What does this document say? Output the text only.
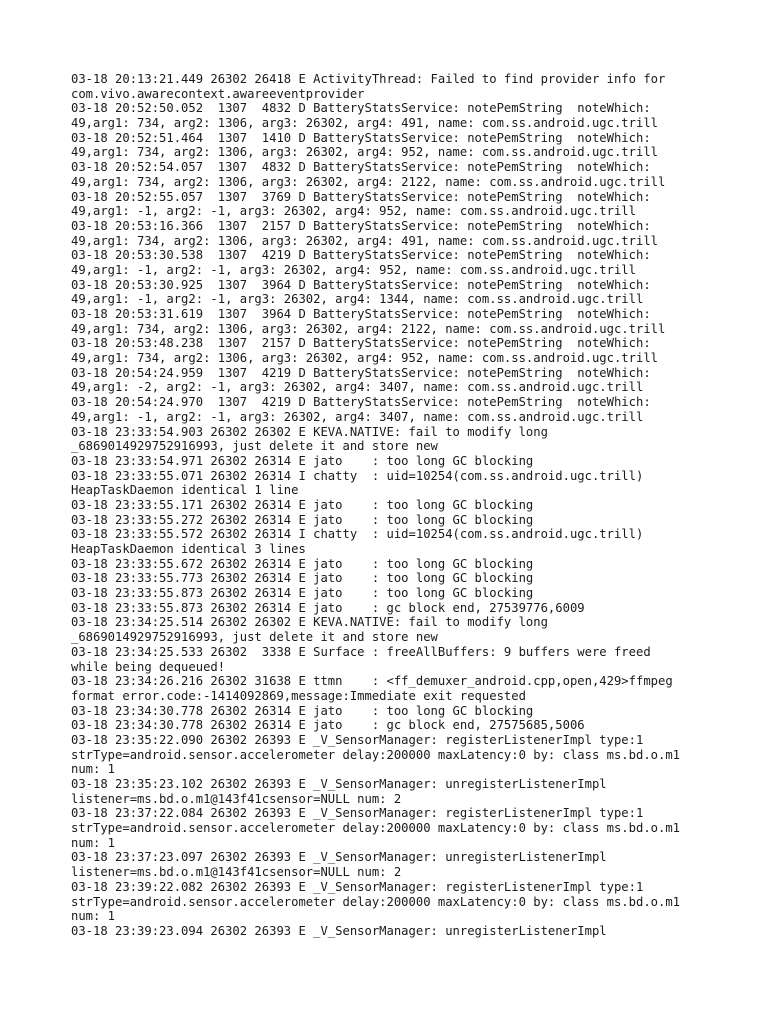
03-18 20:13:21.449 26302 26418 E ActivityThread: Failed to find provider info for
com.vivo.awarecontext.awareeventprovider
03-18 20:52:50.052  1307  4832 D BatteryStatsService: notePemString  noteWhich:
49,arg1: 734, arg2: 1306, arg3: 26302, arg4: 491, name: com.ss.android.ugc.trill
03-18 20:52:51.464  1307  1410 D BatteryStatsService: notePemString  noteWhich:
49,arg1: 734, arg2: 1306, arg3: 26302, arg4: 952, name: com.ss.android.ugc.trill
03-18 20:52:54.057  1307  4832 D BatteryStatsService: notePemString  noteWhich:
49,arg1: 734, arg2: 1306, arg3: 26302, arg4: 2122, name: com.ss.android.ugc.trill
03-18 20:52:55.057  1307  3769 D BatteryStatsService: notePemString  noteWhich:
49,arg1: -1, arg2: -1, arg3: 26302, arg4: 952, name: com.ss.android.ugc.trill
03-18 20:53:16.366  1307  2157 D BatteryStatsService: notePemString  noteWhich:
49,arg1: 734, arg2: 1306, arg3: 26302, arg4: 491, name: com.ss.android.ugc.trill
03-18 20:53:30.538  1307  4219 D BatteryStatsService: notePemString  noteWhich:
49,arg1: -1, arg2: -1, arg3: 26302, arg4: 952, name: com.ss.android.ugc.trill
03-18 20:53:30.925  1307  3964 D BatteryStatsService: notePemString  noteWhich:
49,arg1: -1, arg2: -1, arg3: 26302, arg4: 1344, name: com.ss.android.ugc.trill
03-18 20:53:31.619  1307  3964 D BatteryStatsService: notePemString  noteWhich:
49,arg1: 734, arg2: 1306, arg3: 26302, arg4: 2122, name: com.ss.android.ugc.trill
03-18 20:53:48.238  1307  2157 D BatteryStatsService: notePemString  noteWhich:
49,arg1: 734, arg2: 1306, arg3: 26302, arg4: 952, name: com.ss.android.ugc.trill
03-18 20:54:24.959  1307  4219 D BatteryStatsService: notePemString  noteWhich:
49,arg1: -2, arg2: -1, arg3: 26302, arg4: 3407, name: com.ss.android.ugc.trill
03-18 20:54:24.970  1307  4219 D BatteryStatsService: notePemString  noteWhich:
49,arg1: -1, arg2: -1, arg3: 26302, arg4: 3407, name: com.ss.android.ugc.trill
03-18 23:33:54.903 26302 26302 E KEVA.NATIVE: fail to modify long
_6869014929752916993, just delete it and store new
03-18 23:33:54.971 26302 26314 E jato    : too long GC blocking
03-18 23:33:55.071 26302 26314 I chatty  : uid=10254(com.ss.android.ugc.trill)
HeapTaskDaemon identical 1 line
03-18 23:33:55.171 26302 26314 E jato    : too long GC blocking
03-18 23:33:55.272 26302 26314 E jato    : too long GC blocking
03-18 23:33:55.572 26302 26314 I chatty  : uid=10254(com.ss.android.ugc.trill)
HeapTaskDaemon identical 3 lines
03-18 23:33:55.672 26302 26314 E jato    : too long GC blocking
03-18 23:33:55.773 26302 26314 E jato    : too long GC blocking
03-18 23:33:55.873 26302 26314 E jato    : too long GC blocking
03-18 23:33:55.873 26302 26314 E jato    : gc block end, 27539776,6009
03-18 23:34:25.514 26302 26302 E KEVA.NATIVE: fail to modify long
_6869014929752916993, just delete it and store new
03-18 23:34:25.533 26302  3338 E Surface : freeAllBuffers: 9 buffers were freed
while being dequeued!
03-18 23:34:26.216 26302 31638 E ttmn    : <ff_demuxer_android.cpp,open,429>ffmpeg
format error.code:-1414092869,message:Immediate exit requested
03-18 23:34:30.778 26302 26314 E jato    : too long GC blocking
03-18 23:34:30.778 26302 26314 E jato    : gc block end, 27575685,5006
03-18 23:35:22.090 26302 26393 E _V_SensorManager: registerListenerImpl type:1
strType=android.sensor.accelerometer delay:200000 maxLatency:0 by: class ms.bd.o.m1
num: 1
03-18 23:35:23.102 26302 26393 E _V_SensorManager: unregisterListenerImpl
listener=ms.bd.o.m1@143f41csensor=NULL num: 2
03-18 23:37:22.084 26302 26393 E _V_SensorManager: registerListenerImpl type:1
strType=android.sensor.accelerometer delay:200000 maxLatency:0 by: class ms.bd.o.m1
num: 1
03-18 23:37:23.097 26302 26393 E _V_SensorManager: unregisterListenerImpl
listener=ms.bd.o.m1@143f41csensor=NULL num: 2
03-18 23:39:22.082 26302 26393 E _V_SensorManager: registerListenerImpl type:1
strType=android.sensor.accelerometer delay:200000 maxLatency:0 by: class ms.bd.o.m1
num: 1
03-18 23:39:23.094 26302 26393 E _V_SensorManager: unregisterListenerImpl
